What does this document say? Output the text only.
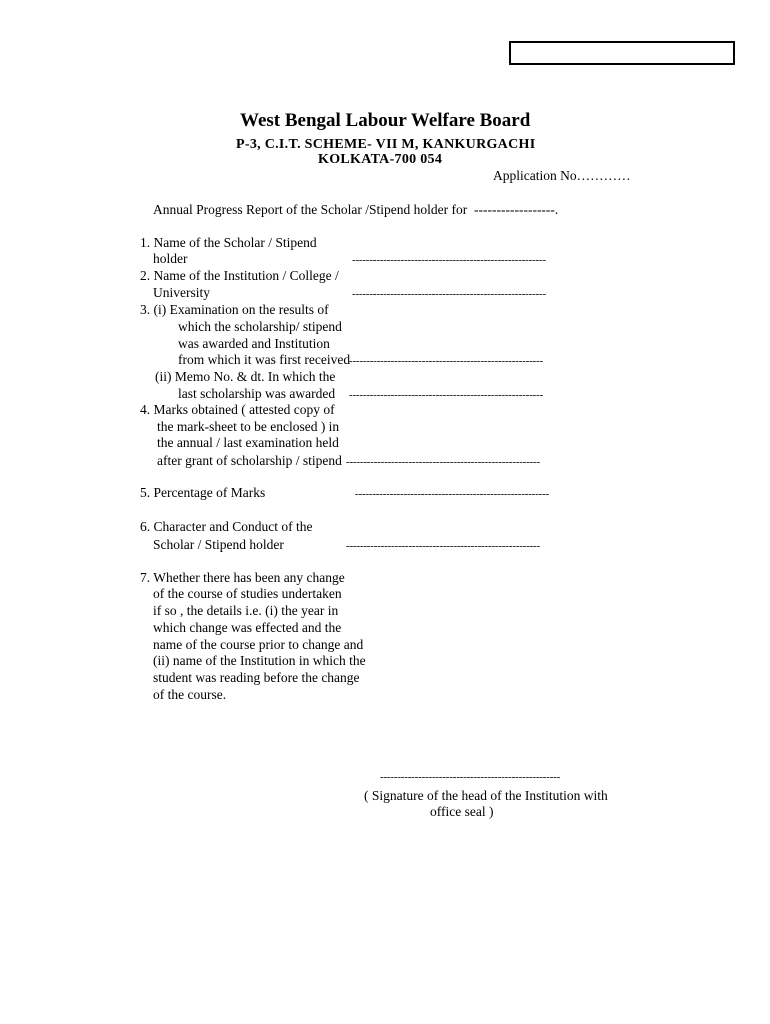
West Bengal Labour Welfare Board
P-3, C.I.T. SCHEME- VII M, KANKURGACHI
KOLKATA-700 054
Application No…………
Annual Progress Report of the Scholar /Stipend holder for ------------------.
1. Name of the Scholar / Stipend
holder	--------------------------------------------------------
2. Name of the Institution / College /
University	--------------------------------------------------------
3. (i) Examination on the results of
which the scholarship/ stipend
was awarded and Institution
from which it was first received
--------------------------------------------------------
(ii) Memo No. & dt. In which the
last scholarship was awarded --------------------------------------------------------
4. Marks obtained ( attested copy of
the mark-sheet to be enclosed ) in
the annual / last examination held
after grant of scholarship / stipend --------------------------------------------------------
5. Percentage of Marks	--------------------------------------------------------
6. Character and Conduct of the
Scholar / Stipend holder	--------------------------------------------------------
7. Whether there has been any change
of the course of studies undertaken
if so , the details i.e. (i) the year in
which change was effected and the
name of the course prior to change and
(ii) name of the Institution in which the
student was reading before the change
of the course.
----------------------------------------------------
( Signature of the head of the Institution with
office seal )
